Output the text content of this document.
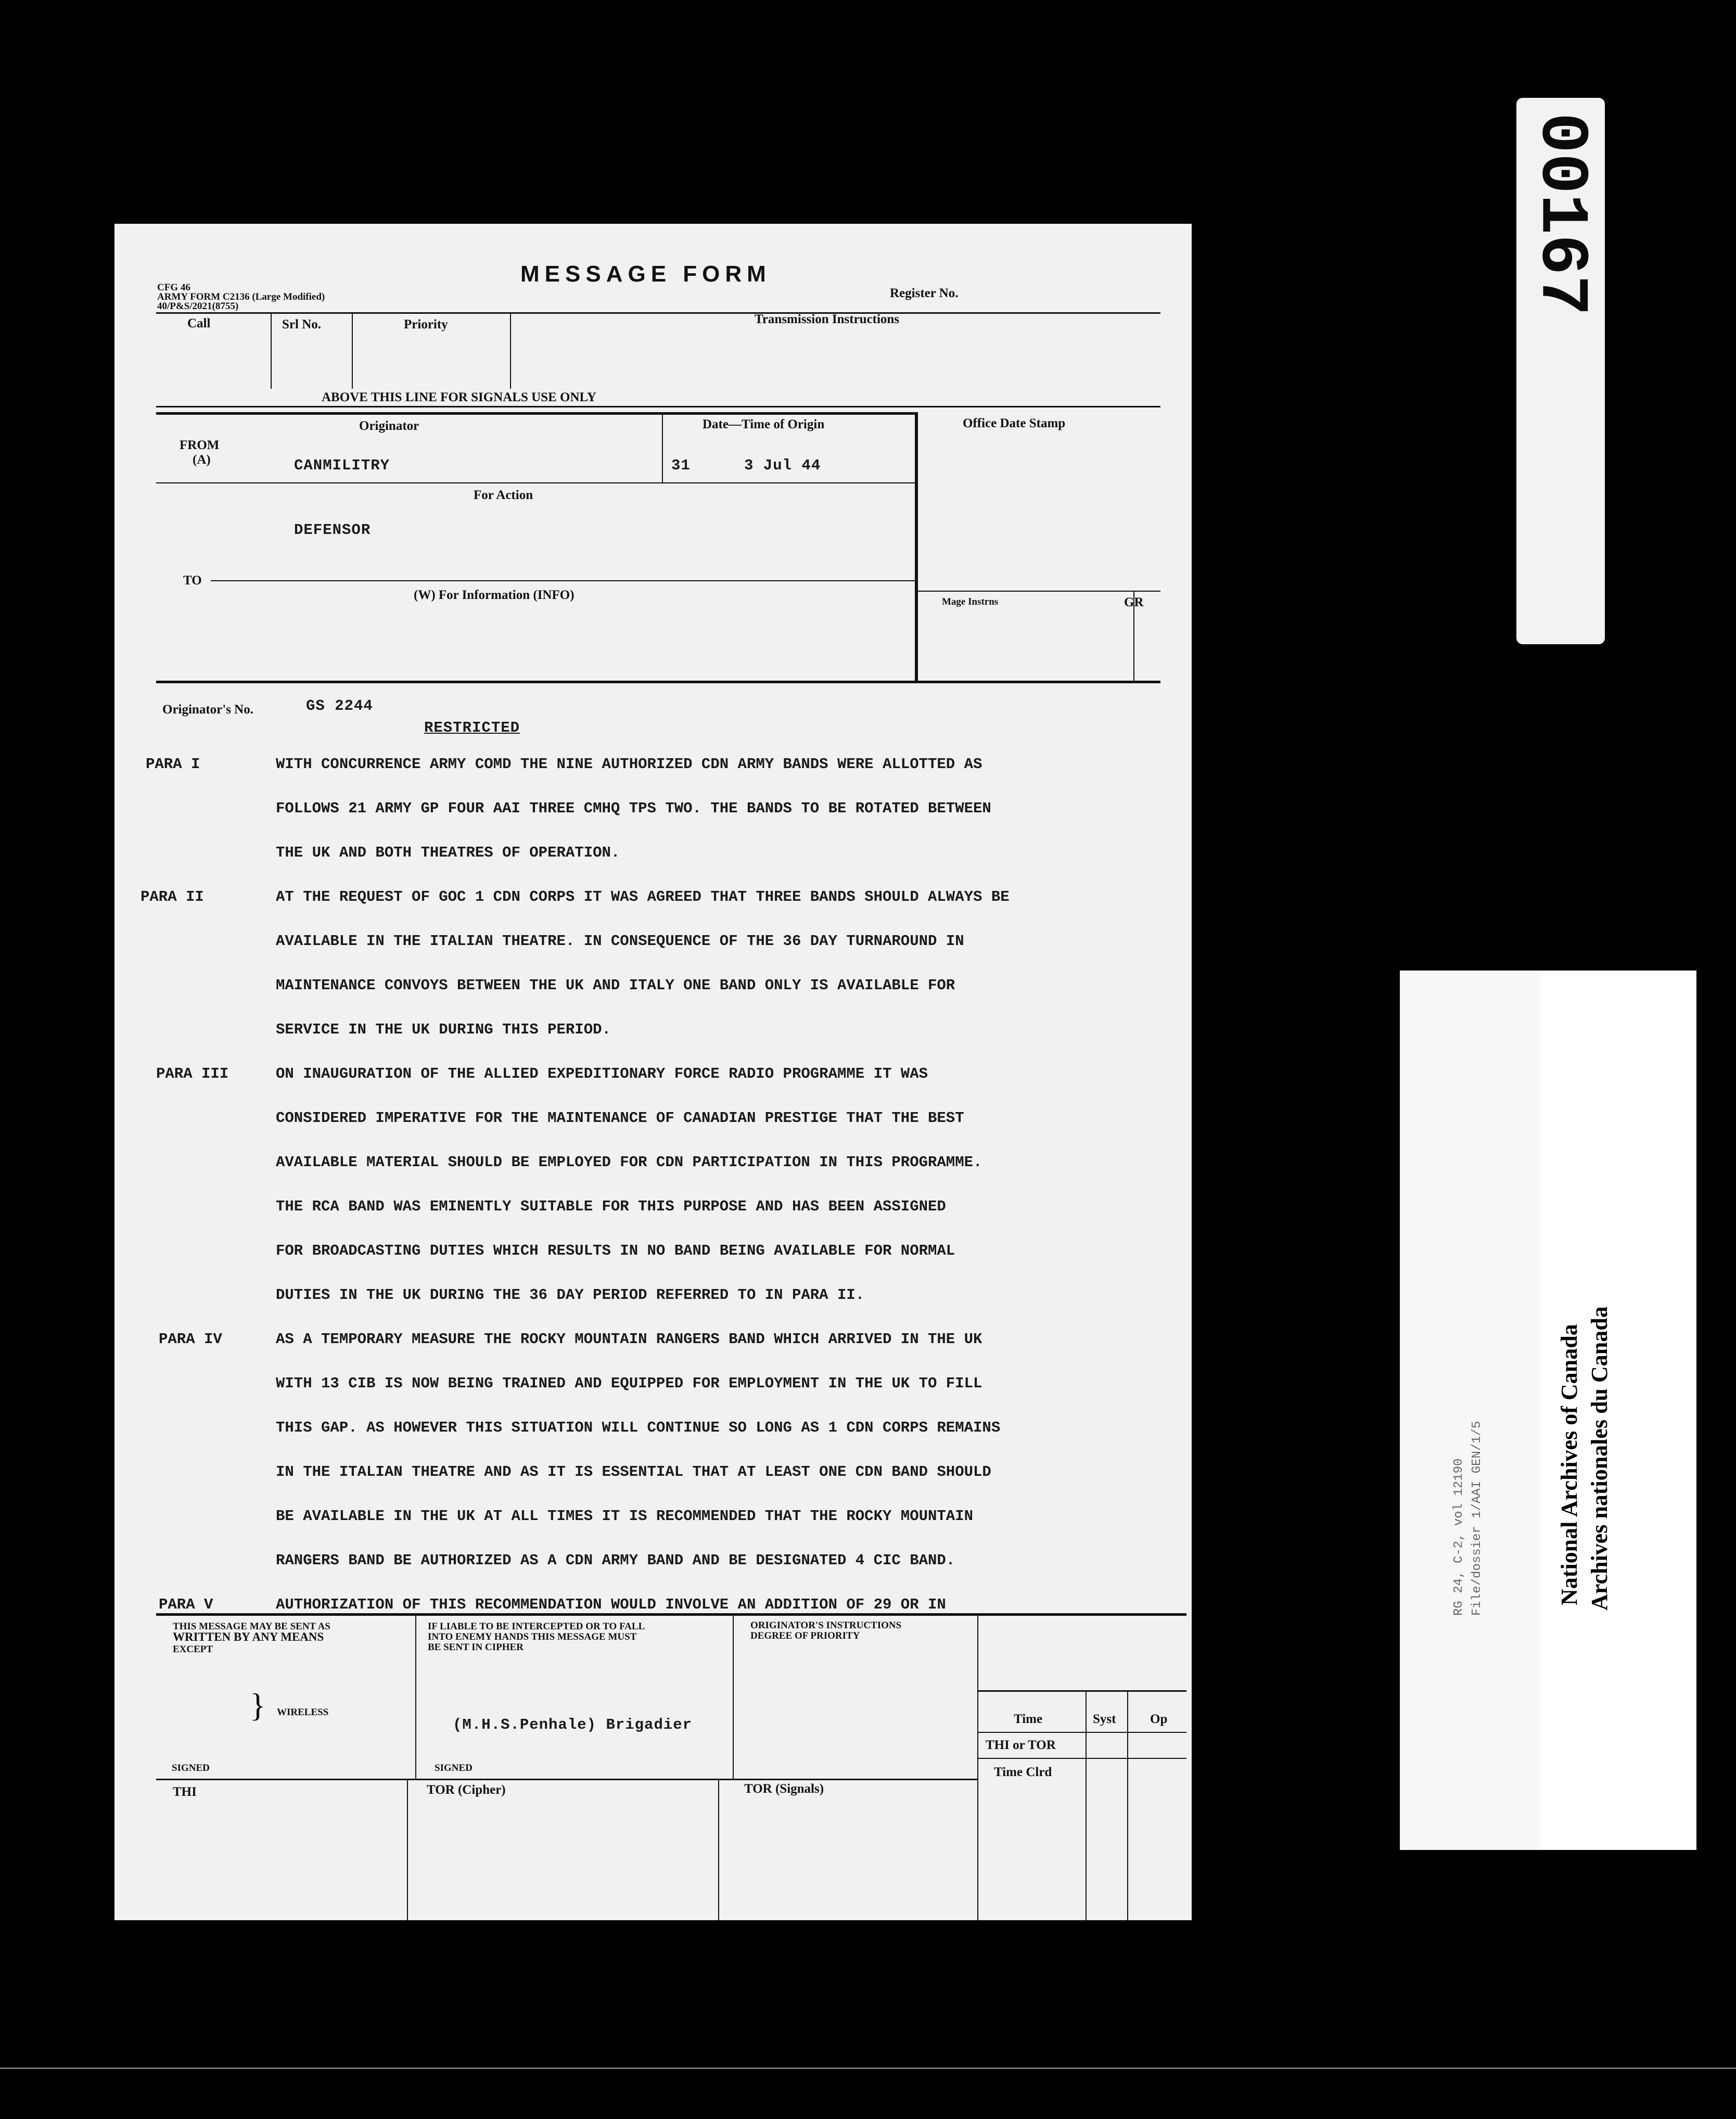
CFG 46
ARMY FORM C2136 (Large Modified)
40/P&S/2021(8755)
MESSAGE FORM
Register No.
Call	Srl No.	Priority	Transmission Instructions
ABOVE THIS LINE FOR SIGNALS USE ONLY
Originator
FROM
(A)	CANMILITRY
Date—Time of Origin
31	3 Jul 44
For Action
DEFENSOR
TO
(W) For Information (INFO)
Office Date Stamp
Mage Instrns	GR
Originator's No.	GS 2244
RESTRICTED
PARA I	WITH CONCURRENCE ARMY COMD THE NINE AUTHORIZED CDN ARMY BANDS WERE ALLOTTED AS
FOLLOWS 21 ARMY GP FOUR AAI THREE CMHQ TPS TWO. THE BANDS TO BE ROTATED BETWEEN
THE UK AND BOTH THEATRES OF OPERATION.
PARA II	AT THE REQUEST OF GOC 1 CDN CORPS IT WAS AGREED THAT THREE BANDS SHOULD ALWAYS BE
AVAILABLE IN THE ITALIAN THEATRE. IN CONSEQUENCE OF THE 36 DAY TURNAROUND IN
MAINTENANCE CONVOYS BETWEEN THE UK AND ITALY ONE BAND ONLY IS AVAILABLE FOR
SERVICE IN THE UK DURING THIS PERIOD.
PARA III	ON INAUGURATION OF THE ALLIED EXPEDITIONARY FORCE RADIO PROGRAMME IT WAS
CONSIDERED IMPERATIVE FOR THE MAINTENANCE OF CANADIAN PRESTIGE THAT THE BEST
AVAILABLE MATERIAL SHOULD BE EMPLOYED FOR CDN PARTICIPATION IN THIS PROGRAMME.
THE RCA BAND WAS EMINENTLY SUITABLE FOR THIS PURPOSE AND HAS BEEN ASSIGNED
FOR BROADCASTING DUTIES WHICH RESULTS IN NO BAND BEING AVAILABLE FOR NORMAL
DUTIES IN THE UK DURING THE 36 DAY PERIOD REFERRED TO IN PARA II.
PARA IV	AS A TEMPORARY MEASURE THE ROCKY MOUNTAIN RANGERS BAND WHICH ARRIVED IN THE UK
WITH 13 CIB IS NOW BEING TRAINED AND EQUIPPED FOR EMPLOYMENT IN THE UK TO FILL
THIS GAP. AS HOWEVER THIS SITUATION WILL CONTINUE SO LONG AS 1 CDN CORPS REMAINS
IN THE ITALIAN THEATRE AND AS IT IS ESSENTIAL THAT AT LEAST ONE CDN BAND SHOULD
BE AVAILABLE IN THE UK AT ALL TIMES IT IS RECOMMENDED THAT THE ROCKY MOUNTAIN
RANGERS BAND BE AUTHORIZED AS A CDN ARMY BAND AND BE DESIGNATED 4 CIC BAND.
PARA V	AUTHORIZATION OF THIS RECOMMENDATION WOULD INVOLVE AN ADDITION OF 29 OR IN
THIS MESSAGE MAY BE SENT AS
WRITTEN BY ANY MEANS
EXCEPT
} WIRELESS
SIGNED
IF LIABLE TO BE INTERCEPTED OR TO FALL
INTO ENEMY HANDS THIS MESSAGE MUST
BE SENT IN CIPHER
(M.H.S.Penhale) Brigadier
SIGNED
ORIGINATOR'S INSTRUCTIONS
DEGREE OF PRIORITY
Time	Syst	Op
THI or TOR
Time Clrd
THI	TOR (Cipher)	TOR (Signals)
00167
RG 24, C-2, vol 12190 File/dossier 1/AAI GEN/1/5	National Archives of Canada Archives nationales du Canada
